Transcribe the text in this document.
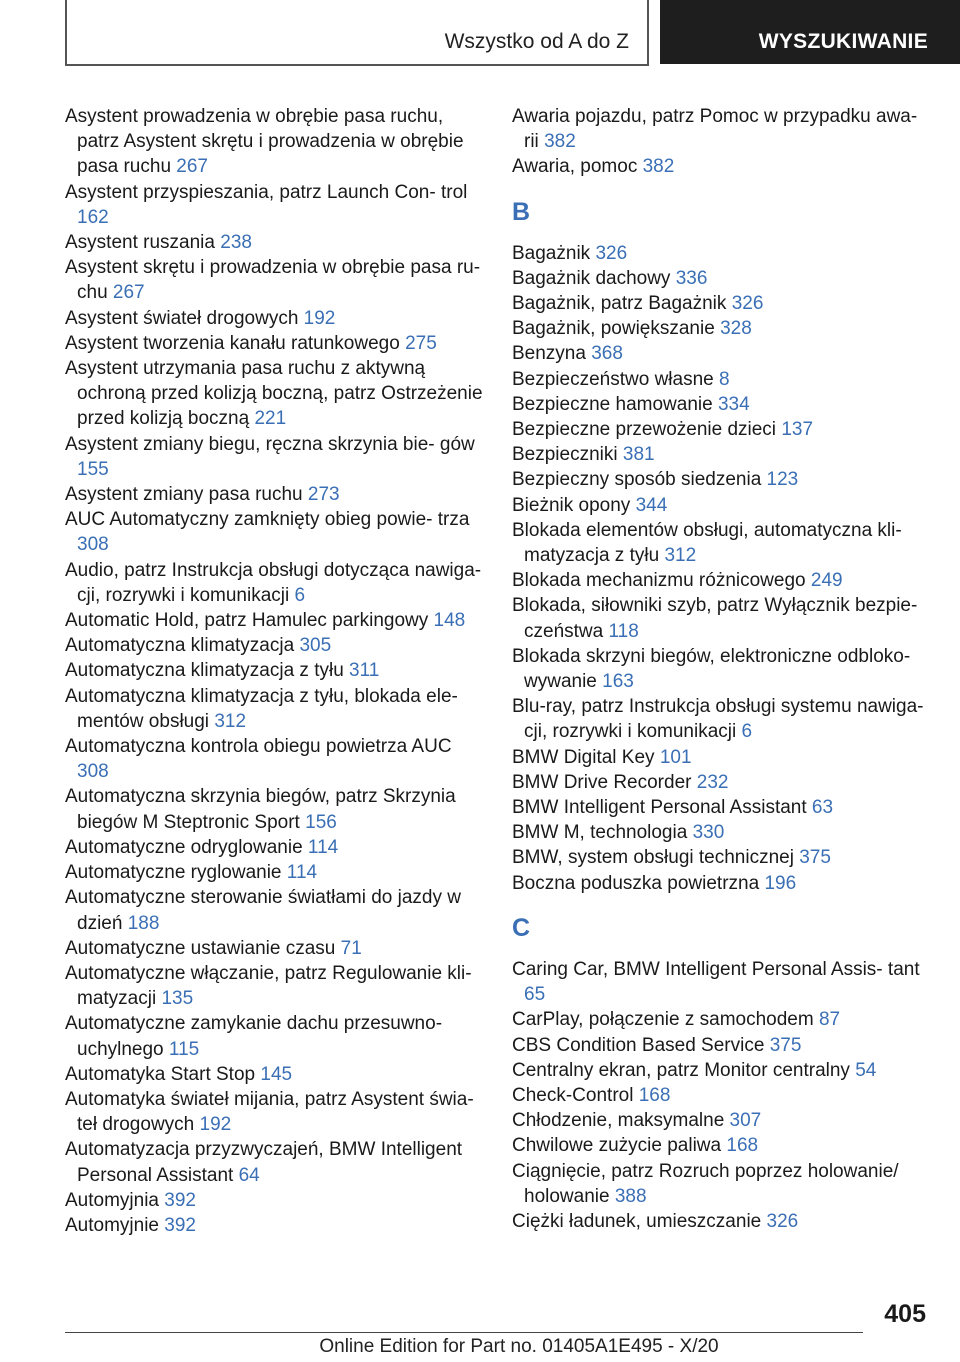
Wszystko od A do Z	WYSZUKIWANIE
Asystent prowadzenia w obrębie pasa ruchu, patrz Asystent skrętu i prowadzenia w obrębie pasa ruchu 267
Asystent przyspieszania, patrz Launch Con‐ trol 162
Asystent ruszania 238
Asystent skrętu i prowadzenia w obrębie pasa ru‐ chu 267
Asystent świateł drogowych 192
Asystent tworzenia kanału ratunkowego 275
Asystent utrzymania pasa ruchu z aktywną ochroną przed kolizją boczną, patrz Ostrzeżenie przed kolizją boczną 221
Asystent zmiany biegu, ręczna skrzynia bie‐ gów 155
Asystent zmiany pasa ruchu 273
AUC Automatyczny zamknięty obieg powie‐ trza 308
Audio, patrz Instrukcja obsługi dotycząca nawiga‐ cji, rozrywki i komunikacji 6
Automatic Hold, patrz Hamulec parkingowy 148
Automatyczna klimatyzacja 305
Automatyczna klimatyzacja z tyłu 311
Automatyczna klimatyzacja z tyłu, blokada ele‐ mentów obsługi 312
Automatyczna kontrola obiegu powietrza AUC 308
Automatyczna skrzynia biegów, patrz Skrzynia biegów M Steptronic Sport 156
Automatyczne odryglowanie 114
Automatyczne ryglowanie 114
Automatyczne sterowanie światłami do jazdy w dzień 188
Automatyczne ustawianie czasu 71
Automatyczne włączanie, patrz Regulowanie kli‐ matyzacji 135
Automatyczne zamykanie dachu przesuwno‐ uchylnego 115
Automatyka Start Stop 145
Automatyka świateł mijania, patrz Asystent świa‐ teł drogowych 192
Automatyzacja przyzwyczajeń, BMW Intelligent Personal Assistant 64
Automyjnia 392
Automyjnie 392
Awaria pojazdu, patrz Pomoc w przypadku awa‐ rii 382
Awaria, pomoc 382
B
Bagażnik 326
Bagażnik dachowy 336
Bagażnik, patrz Bagażnik 326
Bagażnik, powiększanie 328
Benzyna 368
Bezpieczeństwo własne 8
Bezpieczne hamowanie 334
Bezpieczne przewożenie dzieci 137
Bezpieczniki 381
Bezpieczny sposób siedzenia 123
Bieżnik opony 344
Blokada elementów obsługi, automatyczna kli‐ matyzacja z tyłu 312
Blokada mechanizmu różnicowego 249
Blokada, siłowniki szyb, patrz Wyłącznik bezpie‐ czeństwa 118
Blokada skrzyni biegów, elektroniczne odbloko‐ wywanie 163
Blu-ray, patrz Instrukcja obsługi systemu nawiga‐ cji, rozrywki i komunikacji 6
BMW Digital Key 101
BMW Drive Recorder 232
BMW Intelligent Personal Assistant 63
BMW M, technologia 330
BMW, system obsługi technicznej 375
Boczna poduszka powietrzna 196
C
Caring Car, BMW Intelligent Personal Assis‐ tant 65
CarPlay, połączenie z samochodem 87
CBS Condition Based Service 375
Centralny ekran, patrz Monitor centralny 54
Check-Control 168
Chłodzenie, maksymalne 307
Chwilowe zużycie paliwa 168
Ciągnięcie, patrz Rozruch poprzez holowanie/ holowanie 388
Ciężki ładunek, umieszczanie 326
405
Online Edition for Part no. 01405A1E495 - X/20
